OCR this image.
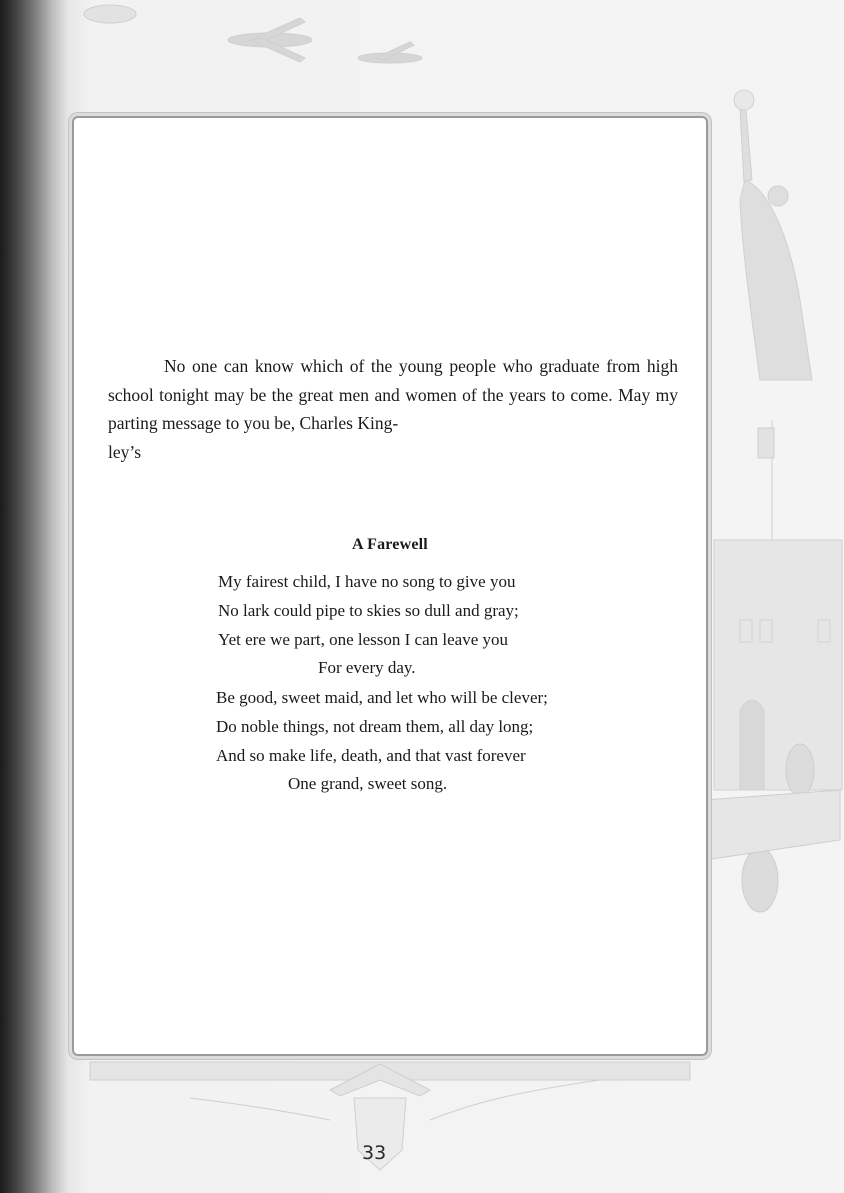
No one can know which of the young people who graduate from high school tonight may be the great men and women of the years to come. May my parting message to you be, Charles King-
ley’s

A Farewell
My fairest child, I have no song to give you
No lark could pipe to skies so dull and gray;
Yet ere we part, one lesson I can leave you
For every day.
Be good, sweet maid, and let who will be clever;
Do noble things, not dream them, all day long;
And so make life, death, and that vast forever
One grand, sweet song.
33
